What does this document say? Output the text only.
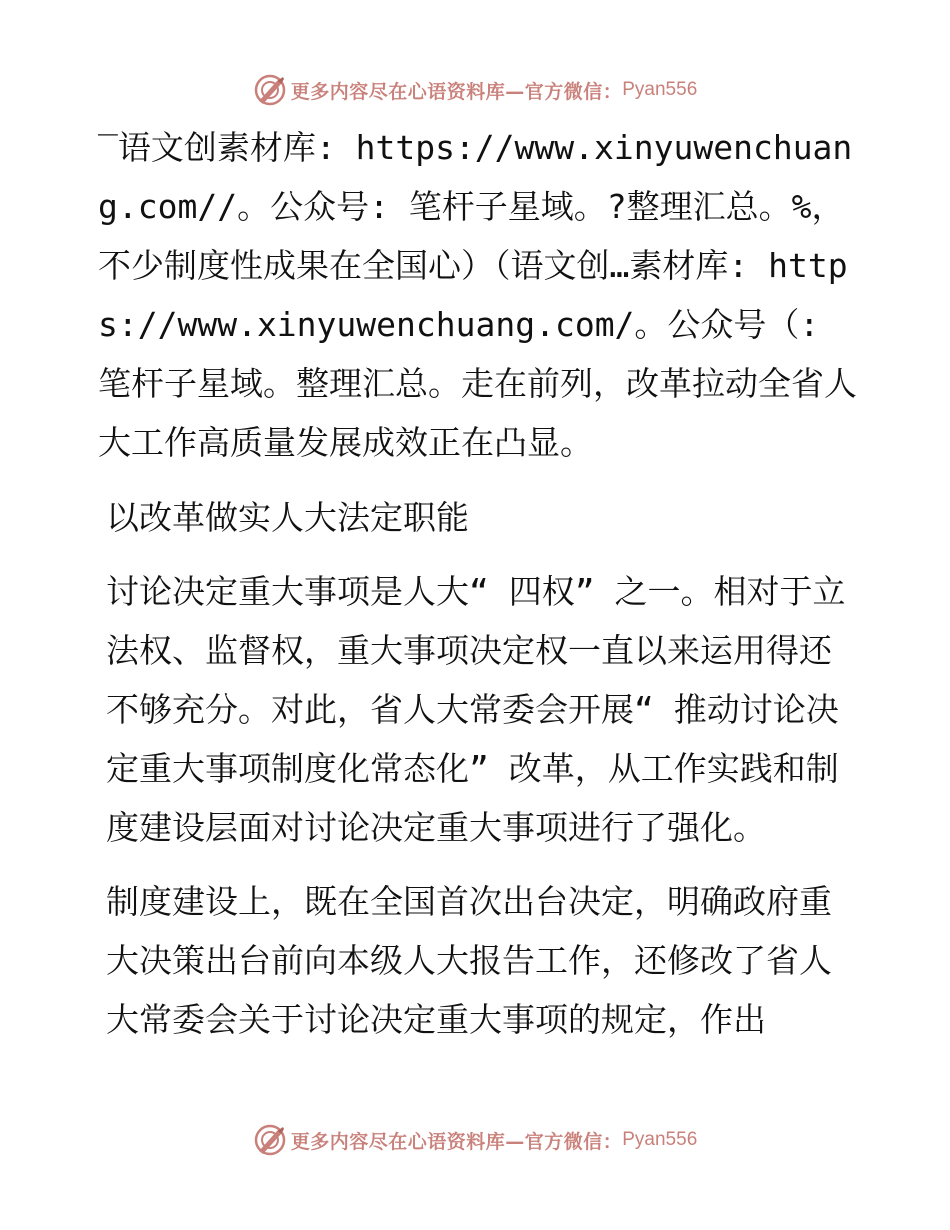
更多内容尽在心语资料库—官方微信： Pyan556

‾语文创素材库: https://www.xinyuwenchuang.com//。公众号: 笔杆子星域。?整理汇总。%，不少制度性成果在全国心）（语文创…素材库: https://www.xinyuwenchuang.com/。公众号（: 笔杆子星域。整理汇总。走在前列，改革拉动全省人大工作高质量发展成效正在凸显。

以改革做实人大法定职能

讨论决定重大事项是人大“ 四权” 之一。相对于立法权、监督权，重大事项决定权一直以来运用得还不够充分。对此，省人大常委会开展“ 推动讨论决定重大事项制度化常态化” 改革，从工作实践和制度建设层面对讨论决定重大事项进行了强化。

制度建设上，既在全国首次出台决定，明确政府重大决策出台前向本级人大报告工作，还修改了省人大常委会关于讨论决定重大事项的规定，作出

更多内容尽在心语资料库—官方微信： Pyan556
